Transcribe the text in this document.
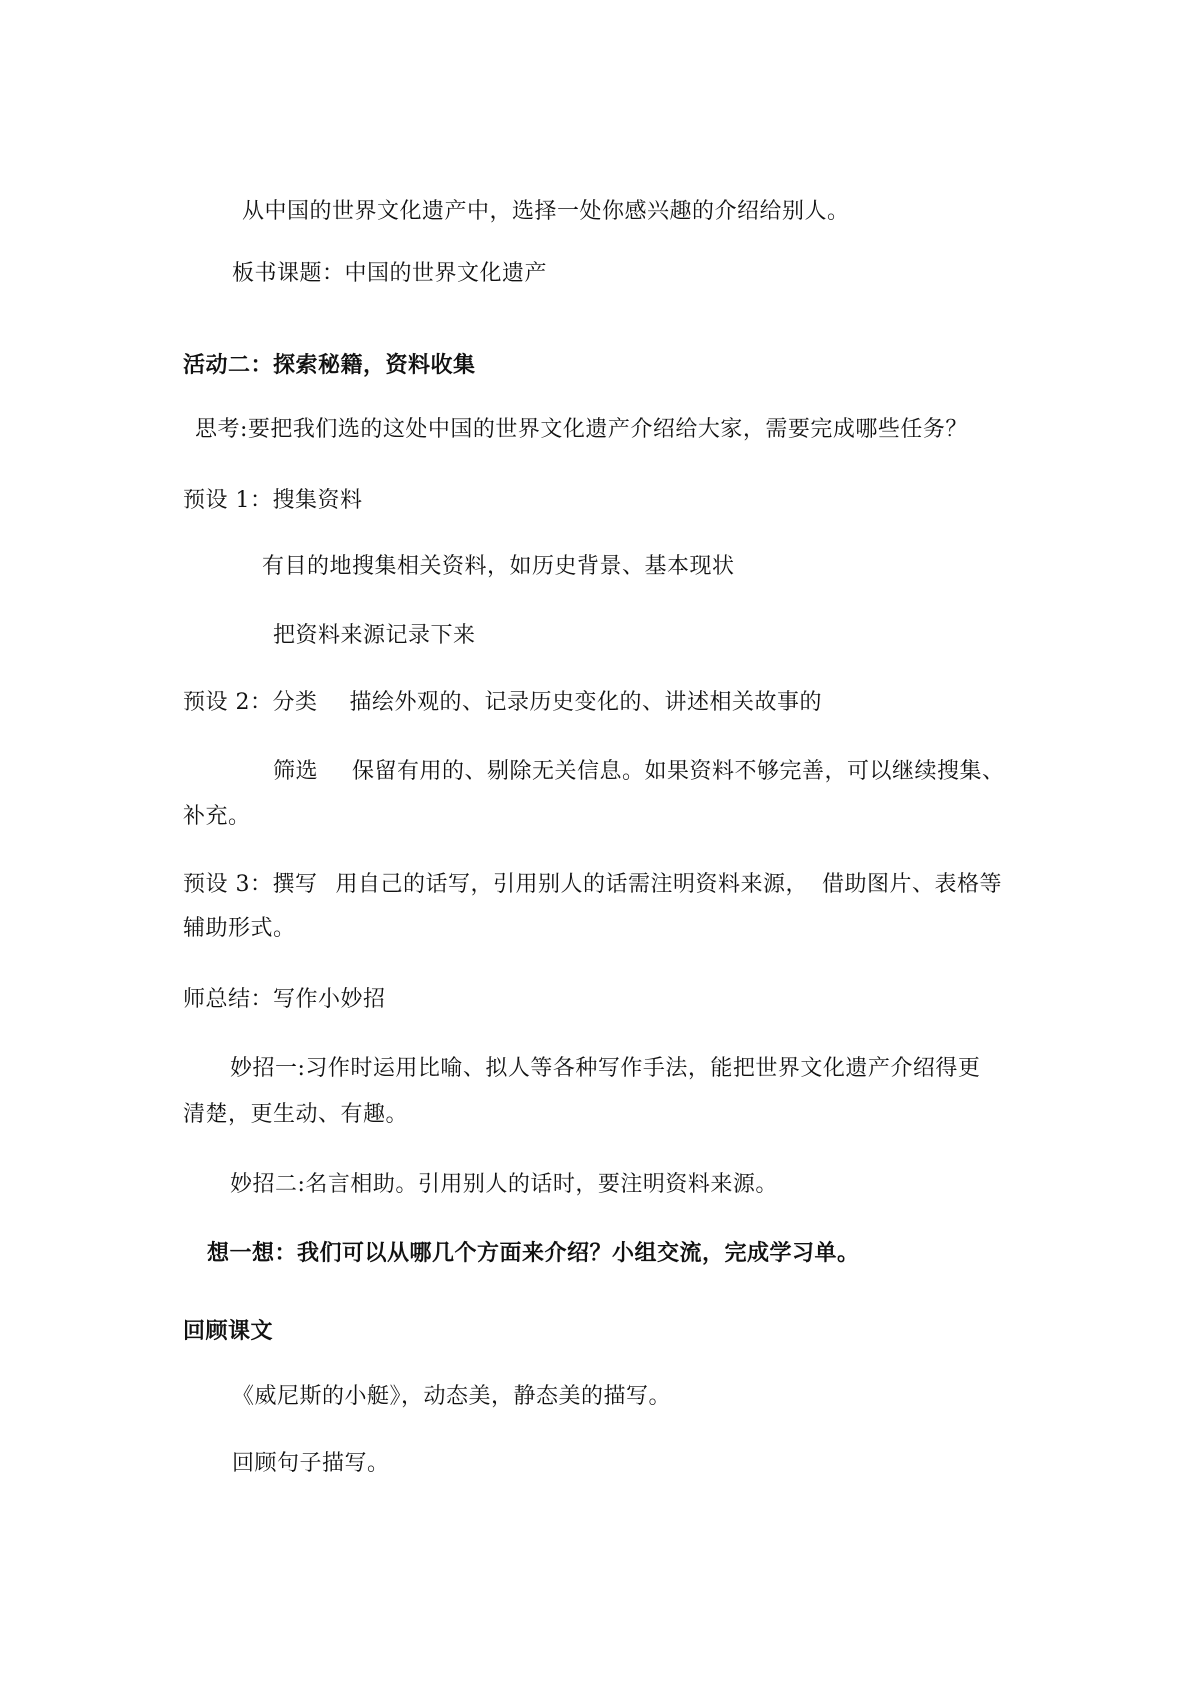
从中国的世界文化遗产中，选择一处你感兴趣的介绍给别人。
板书课题：中国的世界文化遗产
活动二：探索秘籍，资料收集
思考:要把我们选的这处中国的世界文化遗产介绍给大家，需要完成哪些任务？
预设 1：搜集资料
有目的地搜集相关资料，如历史背景、基本现状
把资料来源记录下来
预设 2：分类 描绘外观的、记录历史变化的、讲述相关故事的
筛选 保留有用的、剔除无关信息。如果资料不够完善，可以继续搜集、
补充。
预设 3：撰写 用自己的话写，引用别人的话需注明资料来源， 借助图片、表格等
辅助形式。
师总结：写作小妙招
妙招一:习作时运用比喻、拟人等各种写作手法，能把世界文化遗产介绍得更
清楚，更生动、有趣。
妙招二:名言相助。引用别人的话时，要注明资料来源。
想一想：我们可以从哪几个方面来介绍？小组交流，完成学习单。
回顾课文
《威尼斯的小艇》，动态美，静态美的描写。
回顾句子描写。
